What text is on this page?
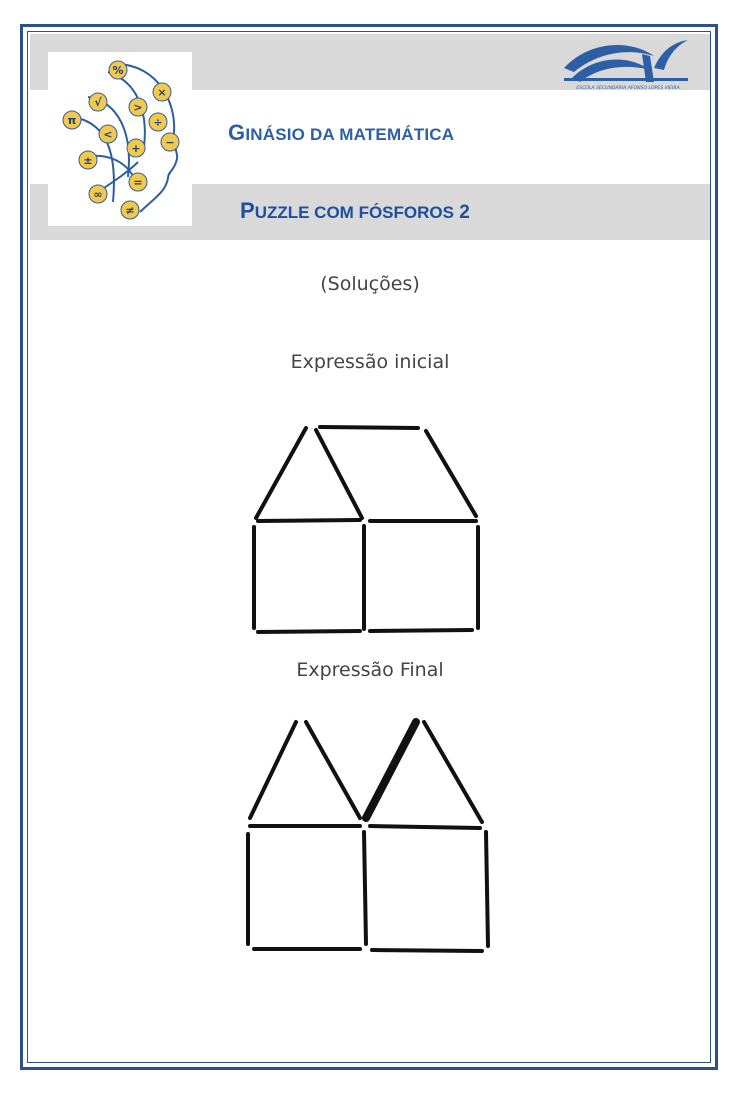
%
×
√	>
÷
π
<
−
+
±
=
∞
≠
ESCOLA SECUNDÁRIA AFONSO LOPES VIEIRA
GINÁSIO DA MATEMÁTICA
PUZZLE COM FÓSFOROS 2
(Soluções)
Expressão inicial
Expressão Final
